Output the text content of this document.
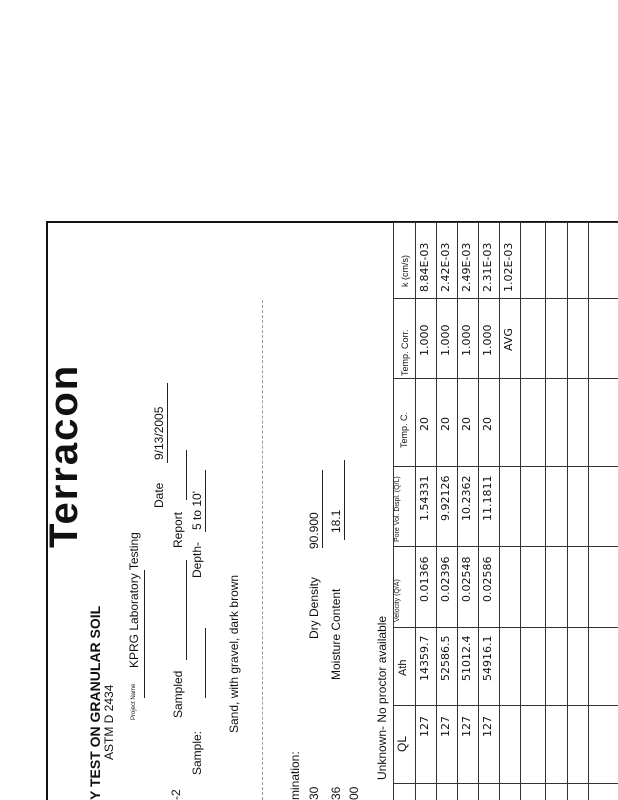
Terracon
Y TEST ON GRANULAR SOIL ASTM D 2434	Project Name
KPRG Laboratory Testing
Date
9/13/2005
-2
Sampled
Report
Sample:
Depth-
5 to 10'
Sand, with gravel, dark brown
mination: 30
Dry Density
90.900
36
Moisture Content
18.1
00
Unknown- No proctor available QL
Ath
Velocity (Q/A)
Pore Vol. Displ. (Q/L)
Temp. C.
Temp. Corr.
k (cm/s)
127
14359.7
0.01366
1.54331
20
1.000
8.84E-03
127
52586.5
0.02396
9.92126
20
1.000
2.42E-03
127
51012.4
0.02548
10.2362
20
1.000
2.49E-03
127
54916.1
0.02586
11.1811
20
1.000
2.31E-03
AVG
1.02E-03
